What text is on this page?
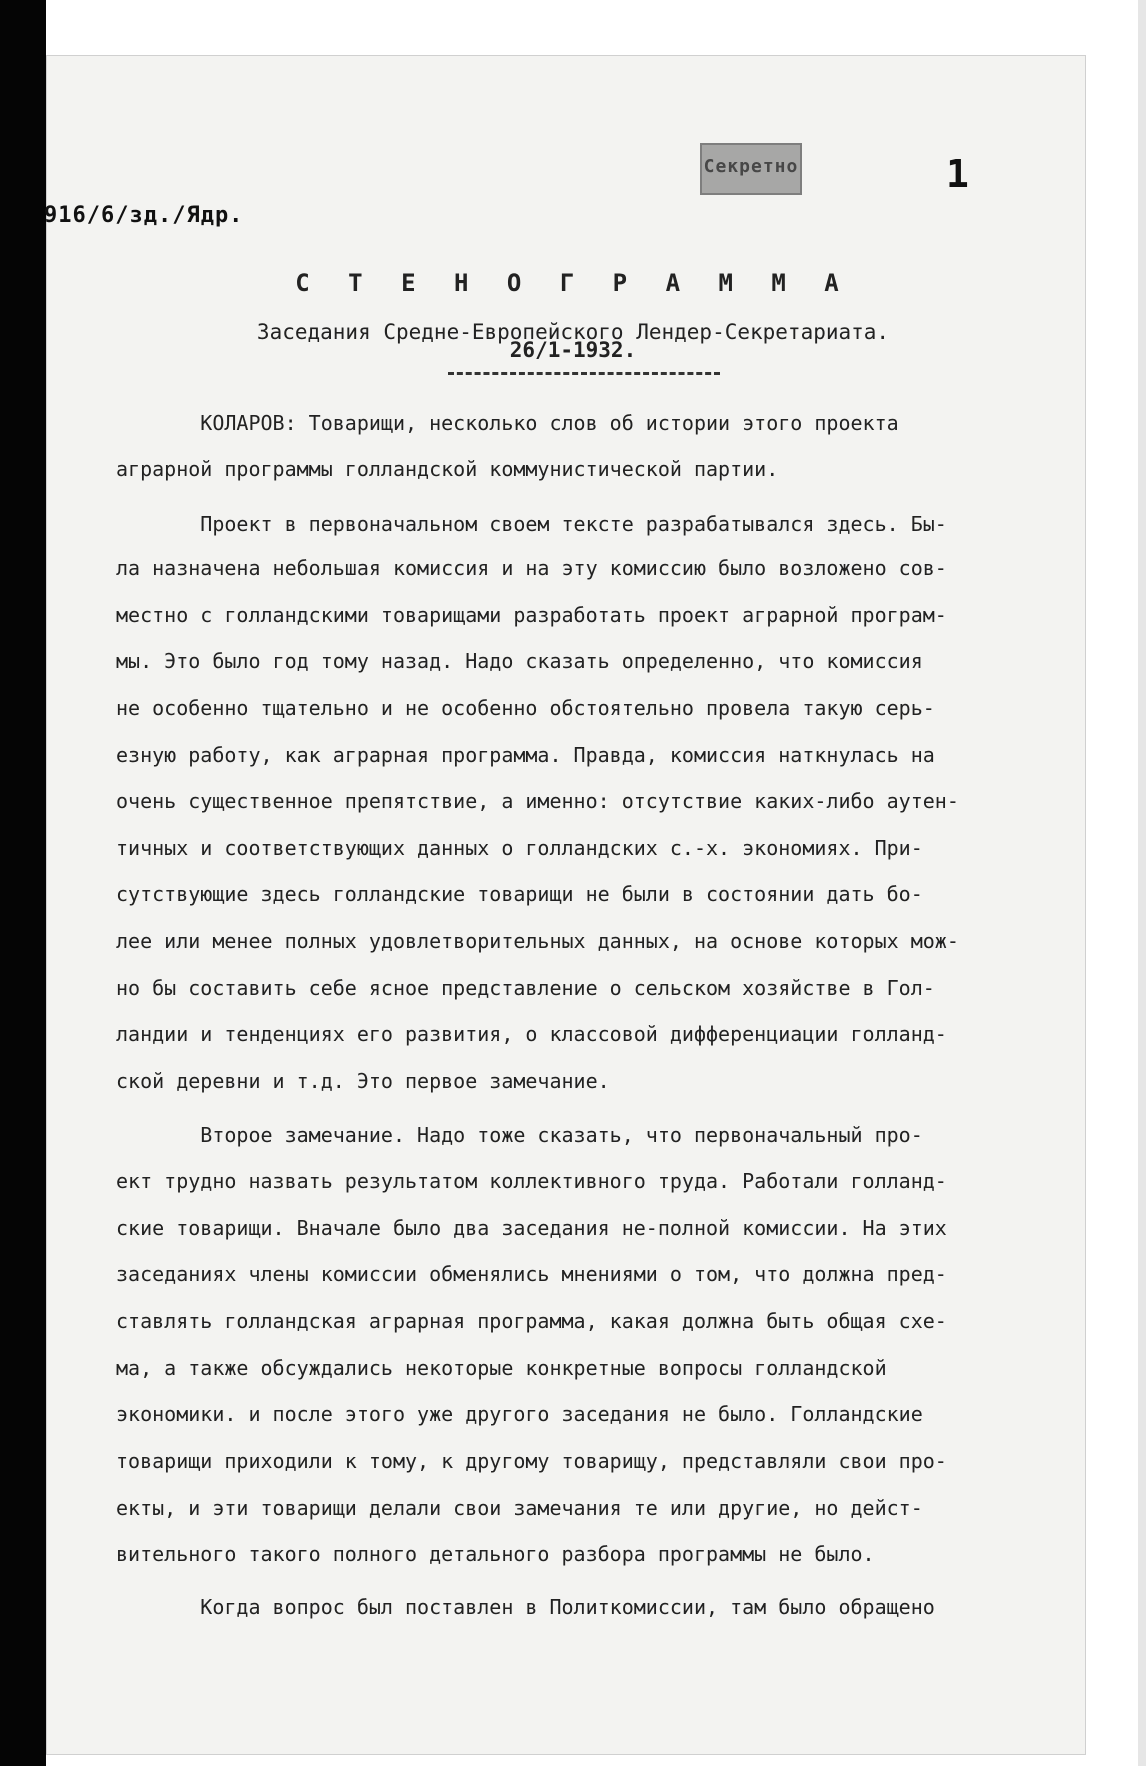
916/6/зд./Ядр.
Секретно	1
С Т Е Н О Г Р А М М А
Заседания Средне-Европейского Лендер-Секретариата.
26/1-1932.
КОЛАРОВ: Товарищи, несколько слов об истории этого проекта
аграрной программы голландской коммунистической партии.
Проект в первоначальном своем тексте разрабатывался здесь. Бы-
ла назначена небольшая комиссия и на эту комиссию было возложено сов-
местно с голландскими товарищами разработать проект аграрной програм-
мы. Это было год тому назад. Надо сказать определенно, что комиссия
не особенно тщательно и не особенно обстоятельно провела такую серь-
езную работу, как аграрная программа. Правда, комиссия наткнулась на
очень существенное препятствие, а именно: отсутствие каких-либо аутен-
тичных и соответствующих данных о голландских с.-х. экономиях. При-
сутствующие здесь голландские товарищи не были в состоянии дать бо-
лее или менее полных удовлетворительных данных, на основе которых мож-
но бы составить себе ясное представление о сельском хозяйстве в Гол-
ландии и тенденциях его развития, о классовой дифференциации голланд-
ской деревни и т.д. Это первое замечание.
Второе замечание. Надо тоже сказать, что первоначальный про-
ект трудно назвать результатом коллективного труда. Работали голланд-
ские товарищи. Вначале было два заседания не-полной комиссии. На этих
заседаниях члены комиссии обменялись мнениями о том, что должна пред-
ставлять голландская аграрная программа, какая должна быть общая схе-
ма, а также обсуждались некоторые конкретные вопросы голландской
экономики. и после этого уже другого заседания не было. Голландские
товарищи приходили к тому, к другому товарищу, представляли свои про-
екты, и эти товарищи делали свои замечания те или другие, но дейст-
вительного такого полного детального разбора программы не было.
Когда вопрос был поставлен в Политкомиссии, там было обращено
